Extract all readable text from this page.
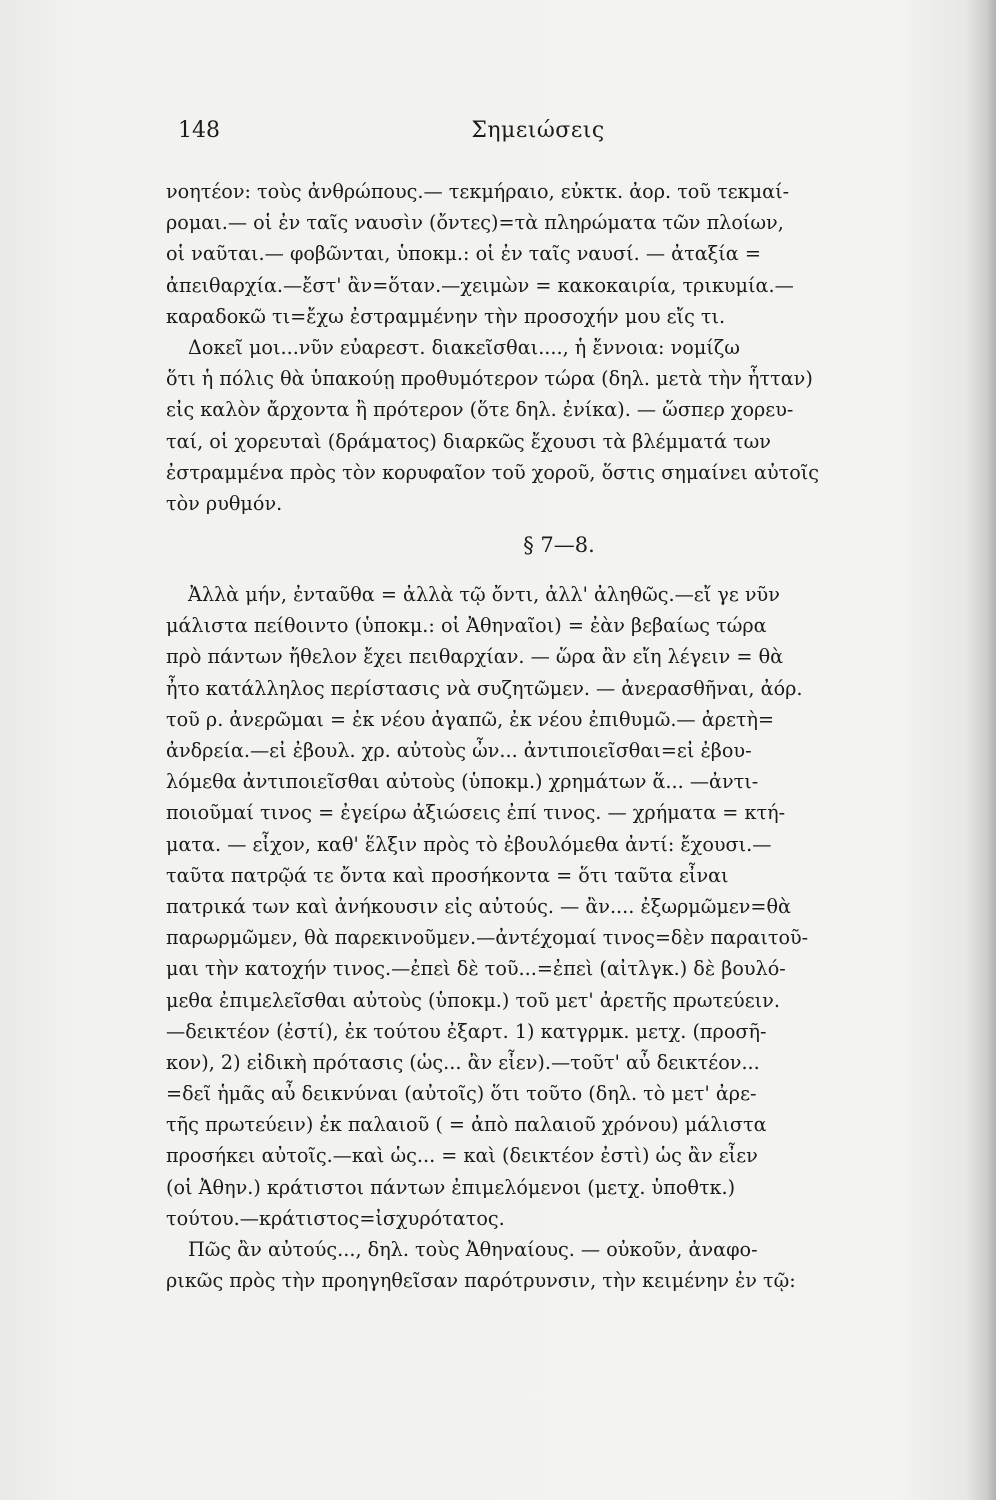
148	Σημειώσεις
νοητέον: τοὺς ἀνθρώπους.— τεκμήραιο, εὐκτκ. ἀορ. τοῦ τεκμαί-
ρομαι.— οἱ ἐν ταῖς ναυσὶν (ὄντες)=τὰ πληρώματα τῶν πλοίων,
οἱ ναῦται.— φοβῶνται, ὑποκμ.: οἱ ἐν ταῖς ναυσί. — ἀταξία =
ἀπειθαρχία.—ἔστ' ἂν=ὅταν.—χειμὼν = κακοκαιρία, τρικυμία.—
καραδοκῶ τι=ἔχω ἐστραμμένην τὴν προσοχήν μου εἴς τι.
Δοκεῖ μοι...νῦν εὐαρεστ. διακεῖσθαι...., ἡ ἔννοια: νομίζω
ὅτι ἡ πόλις θὰ ὑπακούῃ προθυμότερον τώρα (δηλ. μετὰ τὴν ἧτταν)
εἰς καλὸν ἄρχοντα ἢ πρότερον (ὅτε δηλ. ἐνίκα). — ὥσπερ χορευ-
ταί, οἱ χορευταὶ (δράματος) διαρκῶς ἔχουσι τὰ βλέμματά των
ἐστραμμένα πρὸς τὸν κορυφαῖον τοῦ χοροῦ, ὅστις σημαίνει αὐτοῖς
τὸν ρυθμόν.
§ 7—8.
Ἀλλὰ μήν, ἐνταῦθα = ἀλλὰ τῷ ὄντι, ἀλλ' ἀληθῶς.—εἴ γε νῦν
μάλιστα πείθοιντο (ὑποκμ.: οἱ Ἀθηναῖοι) = ἐὰν βεβαίως τώρα
πρὸ πάντων ἤθελον ἔχει πειθαρχίαν. — ὥρα ἂν εἴη λέγειν = θὰ
ἦτο κατάλληλος περίστασις νὰ συζητῶμεν. — ἀνερασθῆναι, ἀόρ.
τοῦ ρ. ἀνερῶμαι = ἐκ νέου ἀγαπῶ, ἐκ νέου ἐπιθυμῶ.— ἀρετὴ=
ἀνδρεία.—εἰ ἐβουλ. χρ. αὐτοὺς ὦν... ἀντιποιεῖσθαι=εἰ ἐβου-
λόμεθα ἀντιποιεῖσθαι αὐτοὺς (ὑποκμ.) χρημάτων ἅ... —ἀντι-
ποιοῦμαί τινος = ἐγείρω ἀξιώσεις ἐπί τινος. — χρήματα = κτή-
ματα. — εἶχον, καθ' ἕλξιν πρὸς τὸ ἐβουλόμεθα ἀντί: ἔχουσι.—
ταῦτα πατρῷά τε ὄντα καὶ προσήκοντα = ὅτι ταῦτα εἶναι
πατρικά των καὶ ἀνήκουσιν εἰς αὐτούς. — ἂν.... ἐξωρμῶμεν=θὰ
παρωρμῶμεν, θὰ παρεκινοῦμεν.—ἀντέχομαί τινος=δὲν παραιτοῦ-
μαι τὴν κατοχήν τινος.—ἐπεὶ δὲ τοῦ...=ἐπεὶ (αἰτλγκ.) δὲ βουλό-
μεθα ἐπιμελεῖσθαι αὐτοὺς (ὑποκμ.) τοῦ μετ' ἀρετῆς πρωτεύειν.
—δεικτέον (ἐστί), ἐκ τούτου ἐξαρτ. 1) κατγρμκ. μετχ. (προσῆ-
κον), 2) εἰδικὴ πρότασις (ὡς... ἂν εἶεν).—τοῦτ' αὖ δεικτέον...
=δεῖ ἡμᾶς αὖ δεικνύναι (αὐτοῖς) ὅτι τοῦτο (δηλ. τὸ μετ' ἀρε-
τῆς πρωτεύειν) ἐκ παλαιοῦ ( = ἀπὸ παλαιοῦ χρόνου) μάλιστα
προσήκει αὐτοῖς.—καὶ ὡς... = καὶ (δεικτέον ἐστὶ) ὡς ἂν εἶεν
(οἱ Ἀθην.) κράτιστοι πάντων ἐπιμελόμενοι (μετχ. ὑποθτκ.)
τούτου.—κράτιστος=ἰσχυρότατος.
Πῶς ἂν αὐτούς..., δηλ. τοὺς Ἀθηναίους. — οὐκοῦν, ἀναφο-
ρικῶς πρὸς τὴν προηγηθεῖσαν παρότρυνσιν, τὴν κειμένην ἐν τῷ:
